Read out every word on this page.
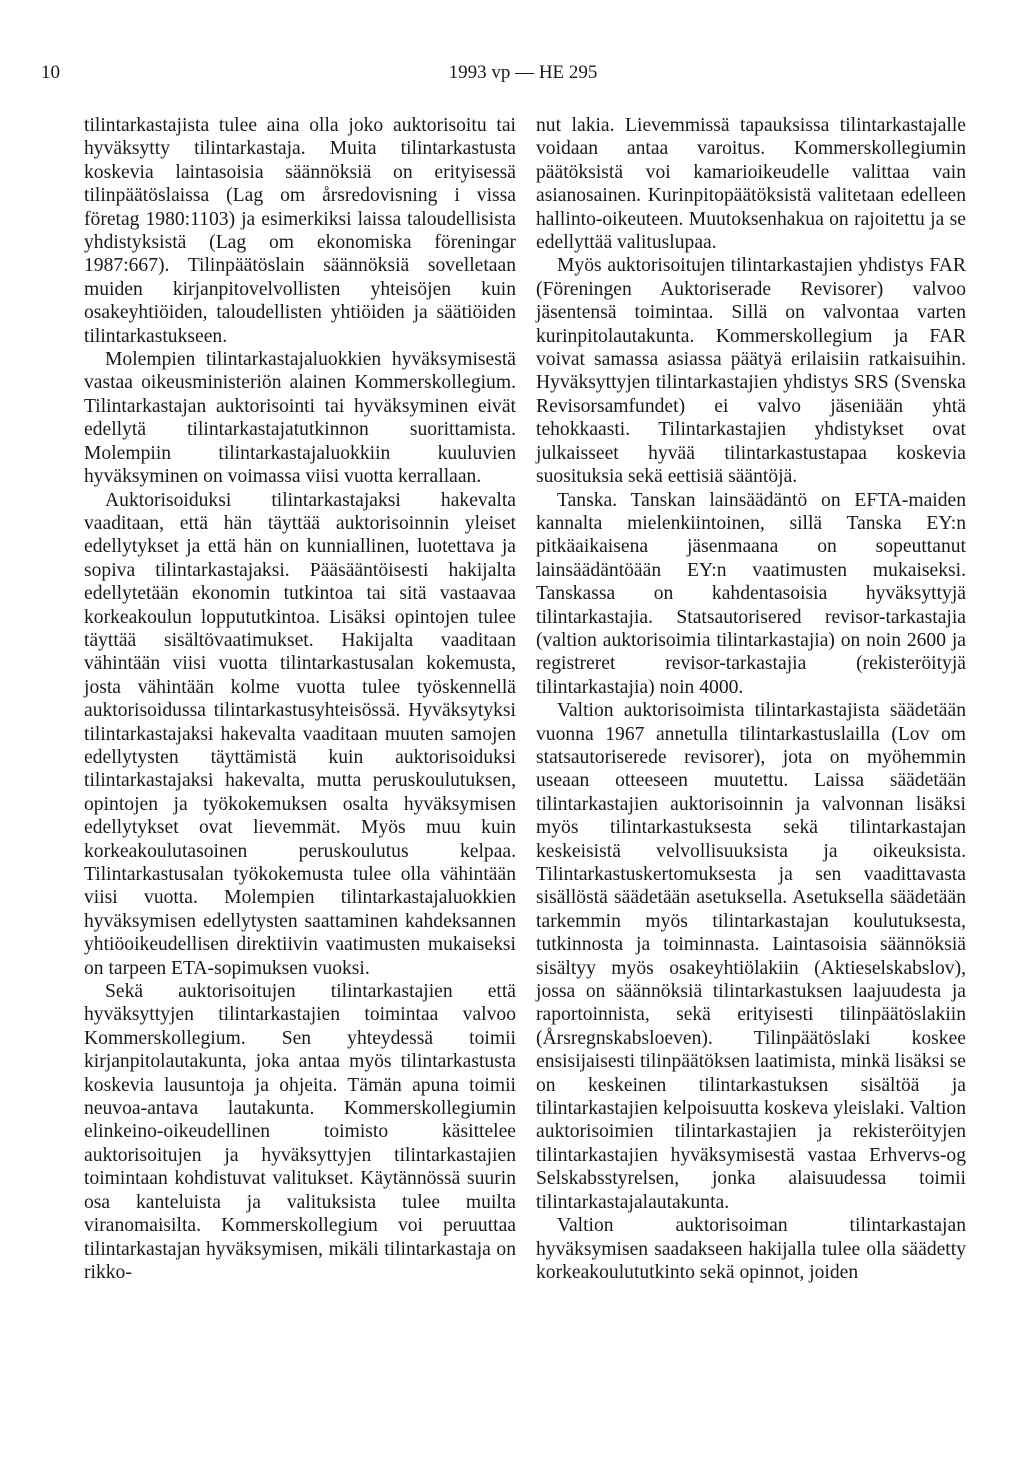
10	1993 vp — HE 295

tilintarkastajista tulee aina olla joko auktorisoitu tai hyväksytty tilintarkastaja. Muita tilintarkastusta koskevia laintasoisia säännöksiä on erityisessä tilinpäätöslaissa (Lag om årsredovisning i vissa företag 1980:1103) ja esimerkiksi laissa taloudellisista yhdistyksistä (Lag om ekonomiska föreningar 1987:667). Tilinpäätöslain säännöksiä sovelletaan muiden kirjanpitovelvollisten yhteisöjen kuin osakeyhtiöiden, taloudellisten yhtiöiden ja säätiöiden tilintarkastukseen.

Molempien tilintarkastajaluokkien hyväksymisestä vastaa oikeusministeriön alainen Kommerskollegium. Tilintarkastajan auktorisointi tai hyväksyminen eivät edellytä tilintarkastajatutkinnon suorittamista. Molempiin tilintarkastajaluokkiin kuuluvien hyväksyminen on voimassa viisi vuotta kerrallaan.

Auktorisoiduksi tilintarkastajaksi hakevalta vaaditaan, että hän täyttää auktorisoinnin yleiset edellytykset ja että hän on kunniallinen, luotettava ja sopiva tilintarkastajaksi. Pääsääntöisesti hakijalta edellytetään ekonomin tutkintoa tai sitä vastaavaa korkeakoulun loppututkintoa. Lisäksi opintojen tulee täyttää sisältövaatimukset. Hakijalta vaaditaan vähintään viisi vuotta tilintarkastusalan kokemusta, josta vähintään kolme vuotta tulee työskennellä auktorisoidussa tilintarkastusyhteisössä. Hyväksytyksi tilintarkastajaksi hakevalta vaaditaan muuten samojen edellytysten täyttämistä kuin auktorisoiduksi tilintarkastajaksi hakevalta, mutta peruskoulutuksen, opintojen ja työkokemuksen osalta hyväksymisen edellytykset ovat lievemmät. Myös muu kuin korkeakoulutasoinen peruskoulutus kelpaa. Tilintarkastusalan työkokemusta tulee olla vähintään viisi vuotta. Molempien tilintarkastajaluokkien hyväksymisen edellytysten saattaminen kahdeksannen yhtiöoikeudellisen direktiivin vaatimusten mukaiseksi on tarpeen ETA-sopimuksen vuoksi.

Sekä auktorisoitujen tilintarkastajien että hyväksyttyjen tilintarkastajien toimintaa valvoo Kommerskollegium. Sen yhteydessä toimii kirjanpitolautakunta, joka antaa myös tilintarkastusta koskevia lausuntoja ja ohjeita. Tämän apuna toimii neuvoa-antava lautakunta. Kommerskollegiumin elinkeino-oikeudellinen toimisto käsittelee auktorisoitujen ja hyväksyttyjen tilintarkastajien toimintaan kohdistuvat valitukset. Käytännössä suurin osa kanteluista ja valituksista tulee muilta viranomaisilta. Kommerskollegium voi peruuttaa tilintarkastajan hyväksymisen, mikäli tilintarkastaja on rikko-

nut lakia. Lievemmissä tapauksissa tilintarkastajalle voidaan antaa varoitus. Kommerskollegiumin päätöksistä voi kamarioikeudelle valittaa vain asianosainen. Kurinpitopäätöksistä valitetaan edelleen hallinto-oikeuteen. Muutoksenhakua on rajoitettu ja se edellyttää valituslupaa.

Myös auktorisoitujen tilintarkastajien yhdistys FAR (Föreningen Auktoriserade Revisorer) valvoo jäsentensä toimintaa. Sillä on valvontaa varten kurinpitolautakunta. Kommerskollegium ja FAR voivat samassa asiassa päätyä erilaisiin ratkaisuihin. Hyväksyttyjen tilintarkastajien yhdistys SRS (Svenska Revisorsamfundet) ei valvo jäseniään yhtä tehokkaasti. Tilintarkastajien yhdistykset ovat julkaisseet hyvää tilintarkastustapaa koskevia suosituksia sekä eettisiä sääntöjä.

Tanska. Tanskan lainsäädäntö on EFTA-maiden kannalta mielenkiintoinen, sillä Tanska EY:n pitkäaikaisena jäsenmaana on sopeuttanut lainsäädäntöään EY:n vaatimusten mukaiseksi. Tanskassa on kahdentasoisia hyväksyttyjä tilintarkastajia. Statsautorisered revisor-tarkastajia (valtion auktorisoimia tilintarkastajia) on noin 2600 ja registreret revisor-tarkastajia (rekisteröityjä tilintarkastajia) noin 4000.

Valtion auktorisoimista tilintarkastajista säädetään vuonna 1967 annetulla tilintarkastuslailla (Lov om statsautoriserede revisorer), jota on myöhemmin useaan otteeseen muutettu. Laissa säädetään tilintarkastajien auktorisoinnin ja valvonnan lisäksi myös tilintarkastuksesta sekä tilintarkastajan keskeisistä velvollisuuksista ja oikeuksista. Tilintarkastuskertomuksesta ja sen vaadittavasta sisällöstä säädetään asetuksella. Asetuksella säädetään tarkemmin myös tilintarkastajan koulutuksesta, tutkinnosta ja toiminnasta. Laintasoisia säännöksiä sisältyy myös osakeyhtiölakiin (Aktieselskabslov), jossa on säännöksiä tilintarkastuksen laajuudesta ja raportoinnista, sekä erityisesti tilinpäätöslakiin (Årsregnskabsloeven). Tilinpäätöslaki koskee ensisijaisesti tilinpäätöksen laatimista, minkä lisäksi se on keskeinen tilintarkastuksen sisältöä ja tilintarkastajien kelpoisuutta koskeva yleislaki. Valtion auktorisoimien tilintarkastajien ja rekisteröityjen tilintarkastajien hyväksymisestä vastaa Erhvervs-og Selskabsstyrelsen, jonka alaisuudessa toimii tilintarkastajalautakunta.

Valtion auktorisoiman tilintarkastajan hyväksymisen saadakseen hakijalla tulee olla säädetty korkeakoulututkinto sekä opinnot, joiden
